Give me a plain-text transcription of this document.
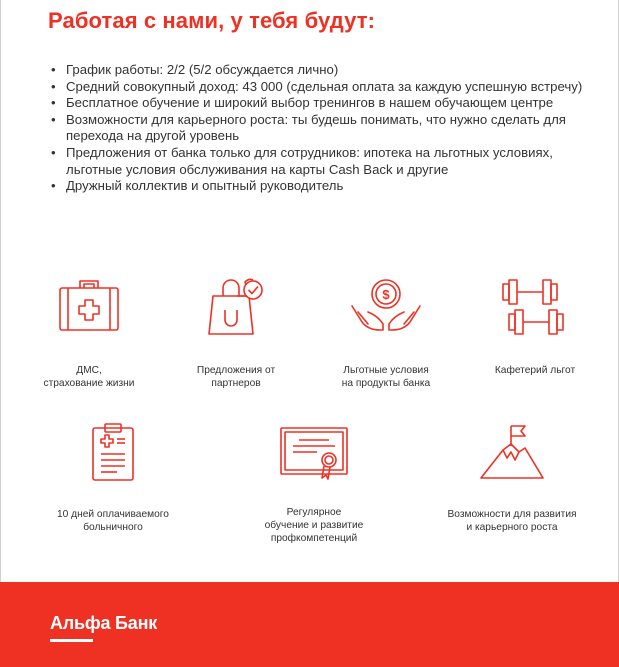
Работая с нами, у тебя будут:
• График работы: 2/2 (5/2 обсуждается лично)
• Средний совокупный доход: 43 000 (сдельная оплата за каждую успешную встречу)
• Бесплатное обучение и широкий выбор тренингов в нашем обучающем центре
• Возможности для карьерного роста: ты будешь понимать, что нужно сделать для перехода на другой уровень
• Предложения от банка только для сотрудников: ипотека на льготных условиях, льготные условия обслуживания на карты Cash Back и другие
• Дружный коллектив и опытный руководитель
ДМС,
страхование жизни
Предложения от
партнеров
$
Льготные условия
на продукты банка
Кафетерий льгот
10 дней оплачиваемого
больничного
Регулярное
обучение и развитие
профкомпетенций
Возможности для развития
и карьерного роста
Альфа Банк
